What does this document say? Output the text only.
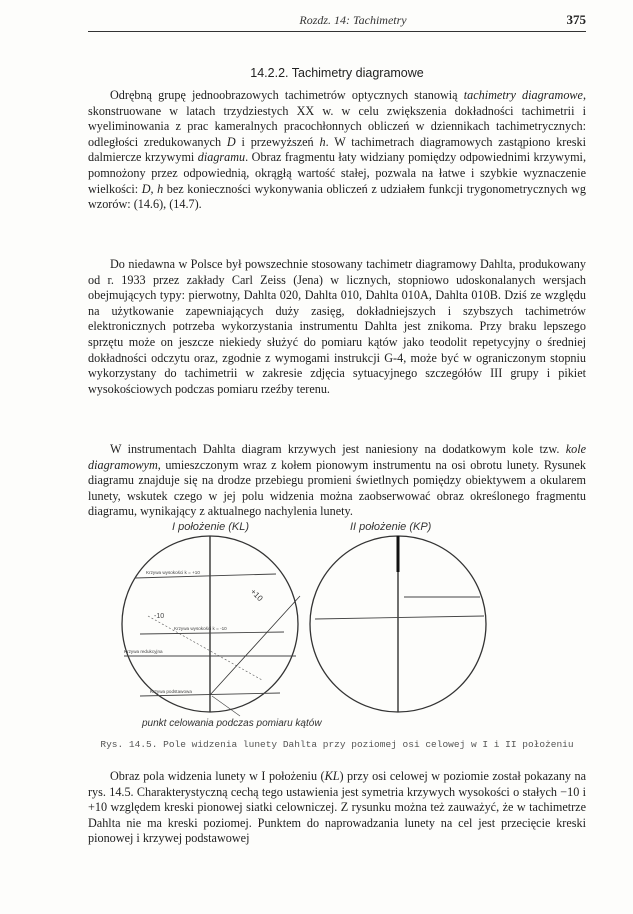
Rozdz. 14: Tachimetry	375
14.2.2. Tachimetry diagramowe

Odrębną grupę jednoobrazowych tachimetrów optycznych stanowią tachimetry diagramowe, skonstruowane w latach trzydziestych XX w. w celu zwiększenia dokładności tachimetrii i wyeliminowania z prac kameralnych pracochłonnych obliczeń w dziennikach tachimetrycznych: odległości zredukowanych D i przewyższeń h. W tachimetrach diagramowych zastąpiono kreski dalmiercze krzywymi diagramu. Obraz fragmentu łaty widziany pomiędzy odpowiednimi krzywymi, pomnożony przez odpowiednią, okrągłą wartość stałej, pozwala na łatwe i szybkie wyznaczenie wielkości: D, h bez konieczności wykonywania obliczeń z udziałem funkcji trygonometrycznych wg wzorów: (14.6), (14.7).

Do niedawna w Polsce był powszechnie stosowany tachimetr diagramowy Dahlta, produkowany od r. 1933 przez zakłady Carl Zeiss (Jena) w licznych, stopniowo udoskonalanych wersjach obejmujących typy: pierwotny, Dahlta 020, Dahlta 010, Dahlta 010A, Dahlta 010B. Dziś ze względu na użytkowanie zapewniających duży zasięg, dokładniejszych i szybszych tachimetrów elektronicznych potrzeba wykorzystania instrumentu Dahlta jest znikoma. Przy braku lepszego sprzętu może on jeszcze niekiedy służyć do pomiaru kątów jako teodolit repetycyjny o średniej dokładności odczytu oraz, zgodnie z wymogami instrukcji G-4, może być w ograniczonym stopniu wykorzystany do tachimetrii w zakresie zdjęcia sytuacyjnego szczegółów III grupy i pikiet wysokościowych podczas pomiaru rzeźby terenu.

W instrumentach Dahlta diagram krzywych jest naniesiony na dodatkowym kole tzw. kole diagramowym, umieszczonym wraz z kołem pionowym instrumentu na osi obrotu lunety. Rysunek diagramu znajduje się na drodze przebiegu promieni świetlnych pomiędzy obiektywem a okularem lunety, wskutek czego w jej polu widzenia można zaobserwować obraz określonego fragmentu diagramu, wynikający z aktualnego nachylenia lunety.

I położenie (KL)	II położenie (KP)
Krzywa wysokości k = +10
-10
Krzywa wysokości k = -10
Krzywa redukcyjna
Krzywa podstawowa
+10
punkt celowania podczas pomiaru kątów
Rys. 14.5. Pole widzenia lunety Dahlta przy poziomej osi celowej w I i II położeniu

Obraz pola widzenia lunety w I położeniu (KL) przy osi celowej w poziomie został pokazany na rys. 14.5. Charakterystyczną cechą tego ustawienia jest symetria krzywych wysokości o stałych −10 i +10 względem kreski pionowej siatki celowniczej. Z rysunku można też zauważyć, że w tachimetrze Dahlta nie ma kreski poziomej. Punktem do naprowadzania lunety na cel jest przecięcie kreski pionowej i krzywej podstawowej
